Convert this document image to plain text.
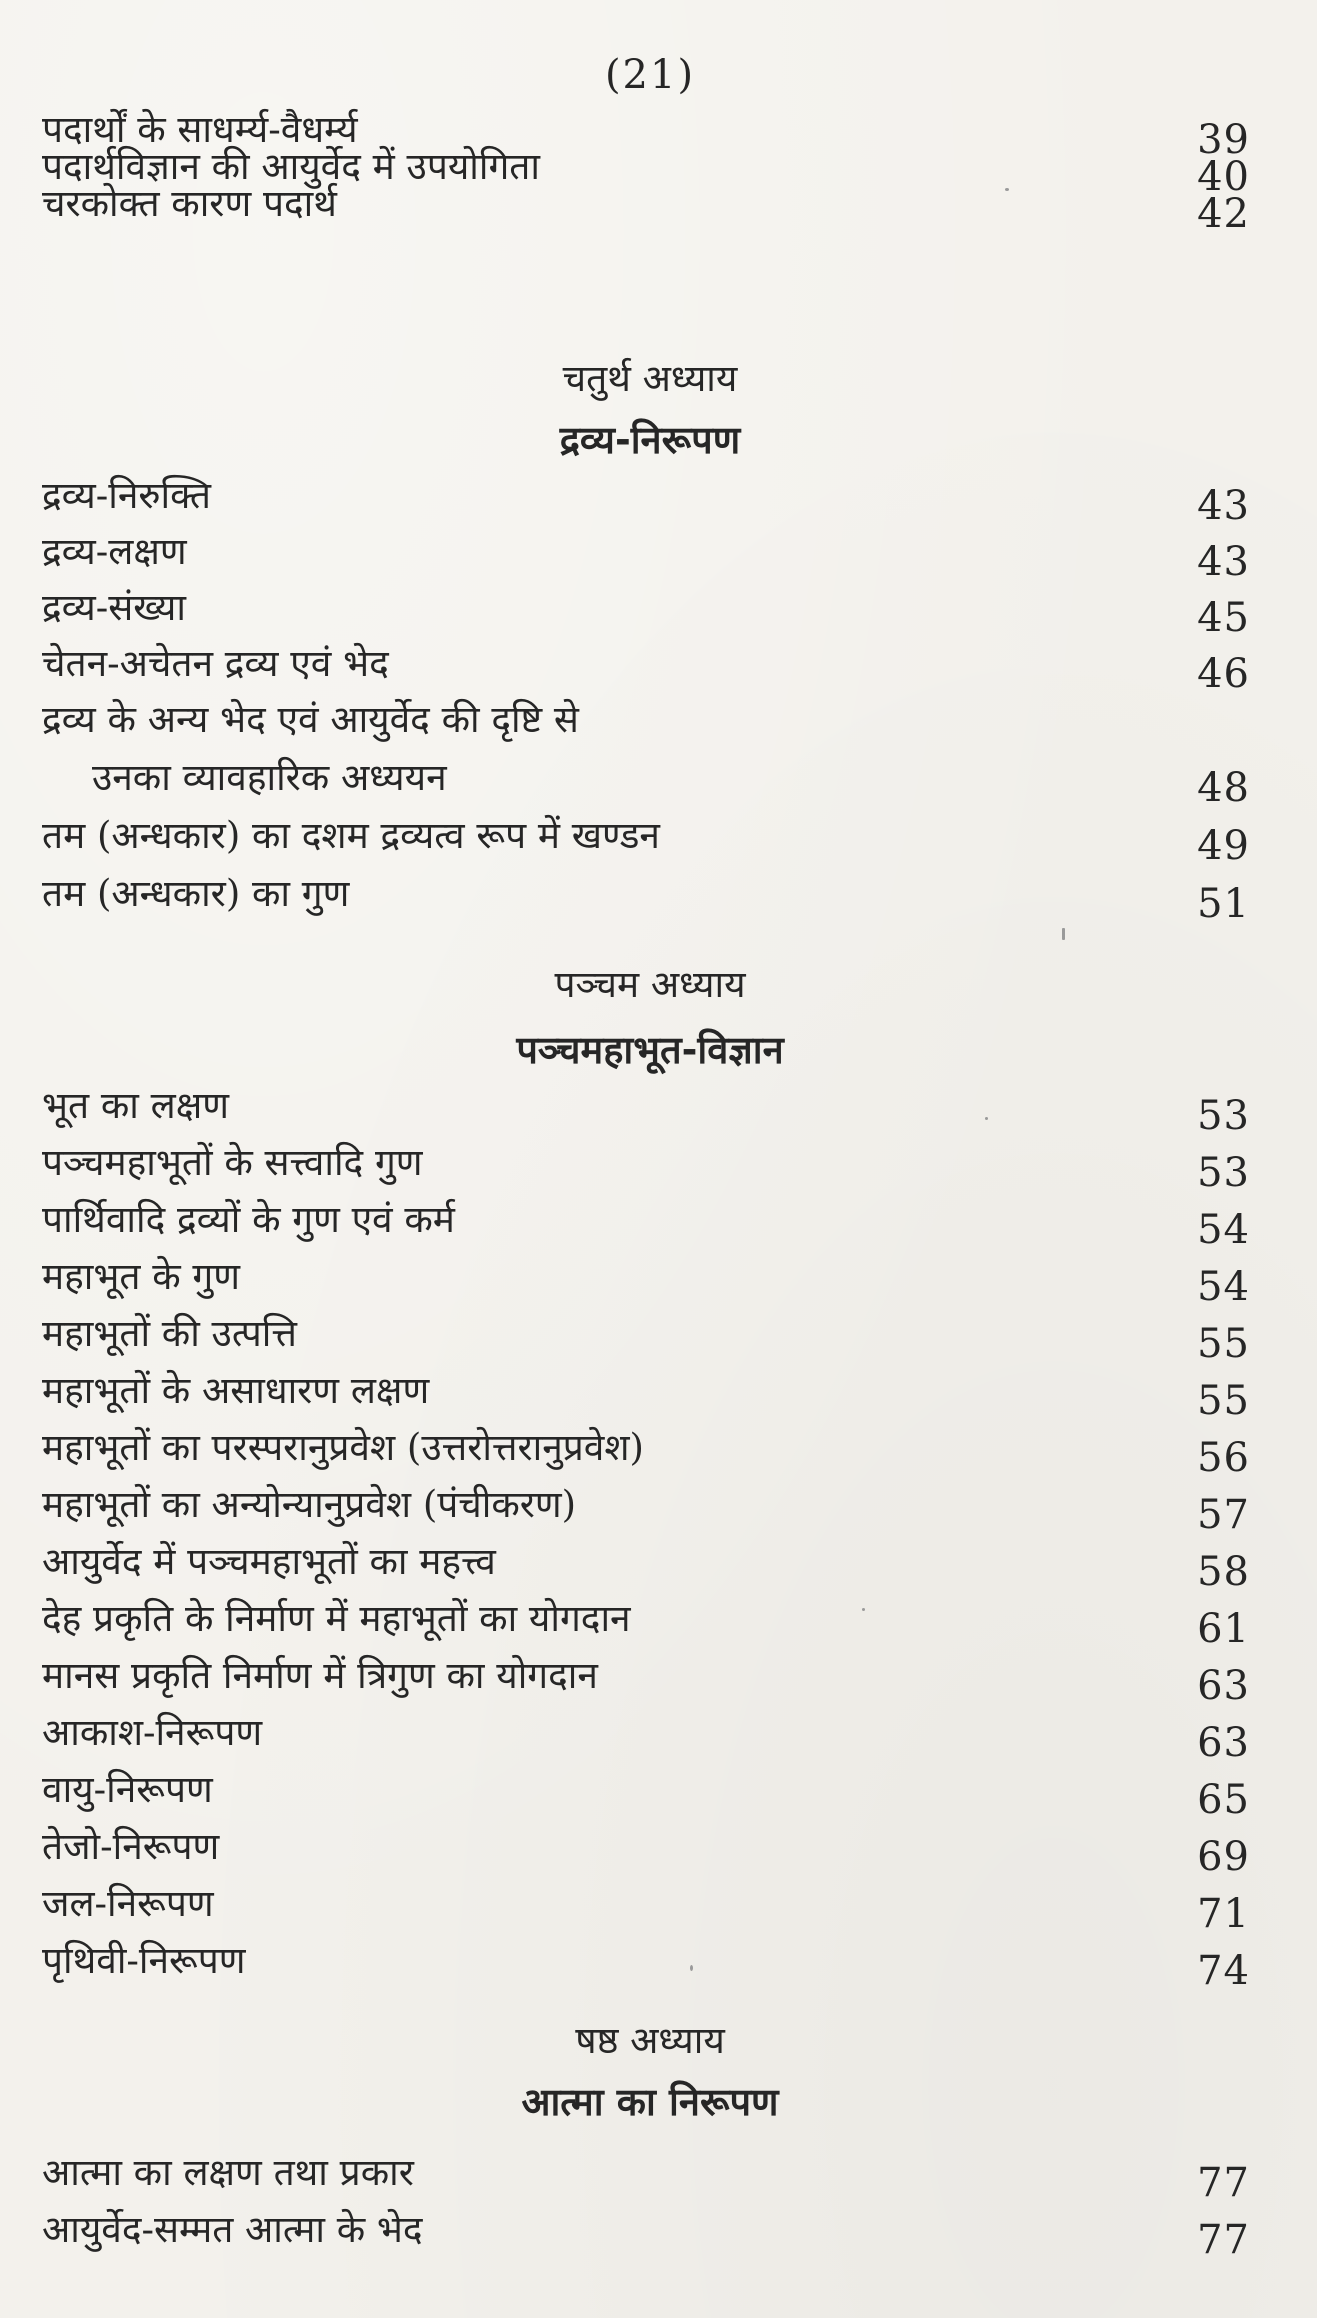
(21)
पदार्थों के साधर्म्य-वैधर्म्य	39
पदार्थविज्ञान की आयुर्वेद में उपयोगिता	40
चरकोक्त कारण पदार्थ	42
चतुर्थ अध्याय
द्रव्य-निरूपण
द्रव्य-निरुक्ति	43
द्रव्य-लक्षण	43
द्रव्य-संख्या	45
चेतन-अचेतन द्रव्य एवं भेद	46
द्रव्य के अन्य भेद एवं आयुर्वेद की दृष्टि से
उनका व्यावहारिक अध्ययन	48
तम (अन्धकार) का दशम द्रव्यत्व रूप में खण्डन	49
तम (अन्धकार) का गुण	51
पञ्चम अध्याय
पञ्चमहाभूत-विज्ञान
भूत का लक्षण	53
पञ्चमहाभूतों के सत्त्वादि गुण	53
पार्थिवादि द्रव्यों के गुण एवं कर्म	54
महाभूत के गुण	54
महाभूतों की उत्पत्ति	55
महाभूतों के असाधारण लक्षण	55
महाभूतों का परस्परानुप्रवेश (उत्तरोत्तरानुप्रवेश)	56
महाभूतों का अन्योन्यानुप्रवेश (पंचीकरण)	57
आयुर्वेद में पञ्चमहाभूतों का महत्त्व	58
देह प्रकृति के निर्माण में महाभूतों का योगदान	61
मानस प्रकृति निर्माण में त्रिगुण का योगदान	63
आकाश-निरूपण	63
वायु-निरूपण	65
तेजो-निरूपण	69
जल-निरूपण	71
पृथिवी-निरूपण	74
षष्ठ अध्याय
आत्मा का निरूपण
आत्मा का लक्षण तथा प्रकार	77
आयुर्वेद-सम्मत आत्मा के भेद	77
